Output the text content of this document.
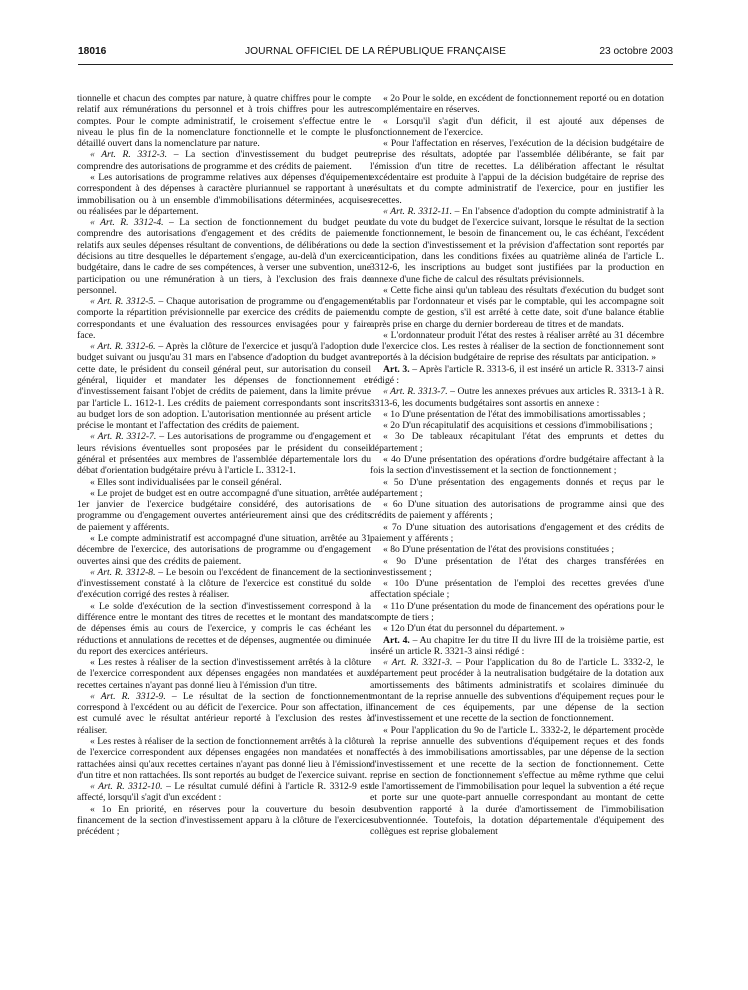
18016	JOURNAL OFFICIEL DE LA RÉPUBLIQUE FRANÇAISE	23 octobre 2003

tionnelle et chacun des comptes par nature, à quatre chiffres pour le compte relatif aux rémunérations du personnel et à trois chiffres pour les autres comptes. Pour le compte administratif, le croisement s'effectue entre le niveau le plus fin de la nomenclature fonctionnelle et le compte le plus détaillé ouvert dans la nomenclature par nature.

« Art. R. 3312-3. – La section d'investissement du budget peut comprendre des autorisations de programme et des crédits de paiement.

« Les autorisations de programme relatives aux dépenses d'équipement correspondent à des dépenses à caractère pluriannuel se rapportant à une immobilisation ou à un ensemble d'immobilisations déterminées, acquises ou réalisées par le département.

« Art. R. 3312-4. – La section de fonctionnement du budget peut comprendre des autorisations d'engagement et des crédits de paiement relatifs aux seules dépenses résultant de conventions, de délibérations ou de décisions au titre desquelles le département s'engage, au-delà d'un exercice budgétaire, dans le cadre de ses compétences, à verser une subvention, une participation ou une rémunération à un tiers, à l'exclusion des frais de personnel.

« Art. R. 3312-5. – Chaque autorisation de programme ou d'engagement comporte la répartition prévisionnelle par exercice des crédits de paiement correspondants et une évaluation des ressources envisagées pour y faire face.

« Art. R. 3312-6. – Après la clôture de l'exercice et jusqu'à l'adoption du budget suivant ou jusqu'au 31 mars en l'absence d'adoption du budget avant cette date, le président du conseil général peut, sur autorisation du conseil général, liquider et mandater les dépenses de fonctionnement et d'investissement faisant l'objet de crédits de paiement, dans la limite prévue par l'article L. 1612-1. Les crédits de paiement correspondants sont inscrits au budget lors de son adoption. L'autorisation mentionnée au présent article précise le montant et l'affectation des crédits de paiement.

« Art. R. 3312-7. – Les autorisations de programme ou d'engagement et leurs révisions éventuelles sont proposées par le président du conseil général et présentées aux membres de l'assemblée départementale lors du débat d'orientation budgétaire prévu à l'article L. 3312-1.

« Elles sont individualisées par le conseil général.

« Le projet de budget est en outre accompagné d'une situation, arrêtée au 1er janvier de l'exercice budgétaire considéré, des autorisations de programme ou d'engagement ouvertes antérieurement ainsi que des crédits de paiement y afférents.

« Le compte administratif est accompagné d'une situation, arrêtée au 31 décembre de l'exercice, des autorisations de programme ou d'engagement ouvertes ainsi que des crédits de paiement.

« Art. R. 3312-8. – Le besoin ou l'excédent de financement de la section d'investissement constaté à la clôture de l'exercice est constitué du solde d'exécution corrigé des restes à réaliser.

« Le solde d'exécution de la section d'investissement correspond à la différence entre le montant des titres de recettes et le montant des mandats de dépenses émis au cours de l'exercice, y compris le cas échéant les réductions et annulations de recettes et de dépenses, augmentée ou diminuée du report des exercices antérieurs.

« Les restes à réaliser de la section d'investissement arrêtés à la clôture de l'exercice correspondent aux dépenses engagées non mandatées et aux recettes certaines n'ayant pas donné lieu à l'émission d'un titre.

« Art. R. 3312-9. – Le résultat de la section de fonctionnement correspond à l'excédent ou au déficit de l'exercice. Pour son affectation, il est cumulé avec le résultat antérieur reporté à l'exclusion des restes à réaliser.

« Les restes à réaliser de la section de fonctionnement arrêtés à la clôture de l'exercice correspondent aux dépenses engagées non mandatées et non rattachées ainsi qu'aux recettes certaines n'ayant pas donné lieu à l'émission d'un titre et non rattachées. Ils sont reportés au budget de l'exercice suivant.

« Art. R. 3312-10. – Le résultat cumulé défini à l'article R. 3312-9 est affecté, lorsqu'il s'agit d'un excédent :

« 1o En priorité, en réserves pour la couverture du besoin de financement de la section d'investissement apparu à la clôture de l'exercice précédent ;

« 2o Pour le solde, en excédent de fonctionnement reporté ou en dotation complémentaire en réserves.

« Lorsqu'il s'agit d'un déficit, il est ajouté aux dépenses de fonctionnement de l'exercice.

« Pour l'affectation en réserves, l'exécution de la décision budgétaire de reprise des résultats, adoptée par l'assemblée délibérante, se fait par l'émission d'un titre de recettes. La délibération affectant le résultat excédentaire est produite à l'appui de la décision budgétaire de reprise des résultats et du compte administratif de l'exercice, pour en justifier les recettes.

« Art. R. 3312-11. – En l'absence d'adoption du compte administratif à la date du vote du budget de l'exercice suivant, lorsque le résultat de la section de fonctionnement, le besoin de financement ou, le cas échéant, l'excédent de la section d'investissement et la prévision d'affectation sont reportés par anticipation, dans les conditions fixées au quatrième alinéa de l'article L. 3312-6, les inscriptions au budget sont justifiées par la production en annexe d'une fiche de calcul des résultats prévisionnels.

« Cette fiche ainsi qu'un tableau des résultats d'exécution du budget sont établis par l'ordonnateur et visés par le comptable, qui les accompagne soit du compte de gestion, s'il est arrêté à cette date, soit d'une balance établie après prise en charge du dernier bordereau de titres et de mandats.

« L'ordonnateur produit l'état des restes à réaliser arrêté au 31 décembre de l'exercice clos. Les restes à réaliser de la section de fonctionnement sont reportés à la décision budgétaire de reprise des résultats par anticipation. »

Art. 3. – Après l'article R. 3313-6, il est inséré un article R. 3313-7 ainsi rédigé :

« Art. R. 3313-7. – Outre les annexes prévues aux articles R. 3313-1 à R. 3313-6, les documents budgétaires sont assortis en annexe :

« 1o D'une présentation de l'état des immobilisations amortissables ;

« 2o D'un récapitulatif des acquisitions et cessions d'immobilisations ;

« 3o De tableaux récapitulant l'état des emprunts et dettes du département ;

« 4o D'une présentation des opérations d'ordre budgétaire affectant à la fois la section d'investissement et la section de fonctionnement ;

« 5o D'une présentation des engagements donnés et reçus par le département ;

« 6o D'une situation des autorisations de programme ainsi que des crédits de paiement y afférents ;

« 7o D'une situation des autorisations d'engagement et des crédits de paiement y afférents ;

« 8o D'une présentation de l'état des provisions constituées ;

« 9o D'une présentation de l'état des charges transférées en investissement ;

« 10o D'une présentation de l'emploi des recettes grevées d'une affectation spéciale ;

« 11o D'une présentation du mode de financement des opérations pour le compte de tiers ;

« 12o D'un état du personnel du département. »

Art. 4. – Au chapitre Ier du titre II du livre III de la troisième partie, est inséré un article R. 3321-3 ainsi rédigé :

« Art. R. 3321-3. – Pour l'application du 8o de l'article L. 3332-2, le département peut procéder à la neutralisation budgétaire de la dotation aux amortissements des bâtiments administratifs et scolaires diminuée du montant de la reprise annuelle des subventions d'équipement reçues pour le financement de ces équipements, par une dépense de la section d'investissement et une recette de la section de fonctionnement.

« Pour l'application du 9o de l'article L. 3332-2, le département procède à la reprise annuelle des subventions d'équipement reçues et des fonds affectés à des immobilisations amortissables, par une dépense de la section d'investissement et une recette de la section de fonctionnement. Cette reprise en section de fonctionnement s'effectue au même rythme que celui de l'amortissement de l'immobilisation pour lequel la subvention a été reçue et porte sur une quote-part annuelle correspondant au montant de cette subvention rapporté à la durée d'amortissement de l'immobilisation subventionnée. Toutefois, la dotation départementale d'équipement des collègues est reprise globalement
